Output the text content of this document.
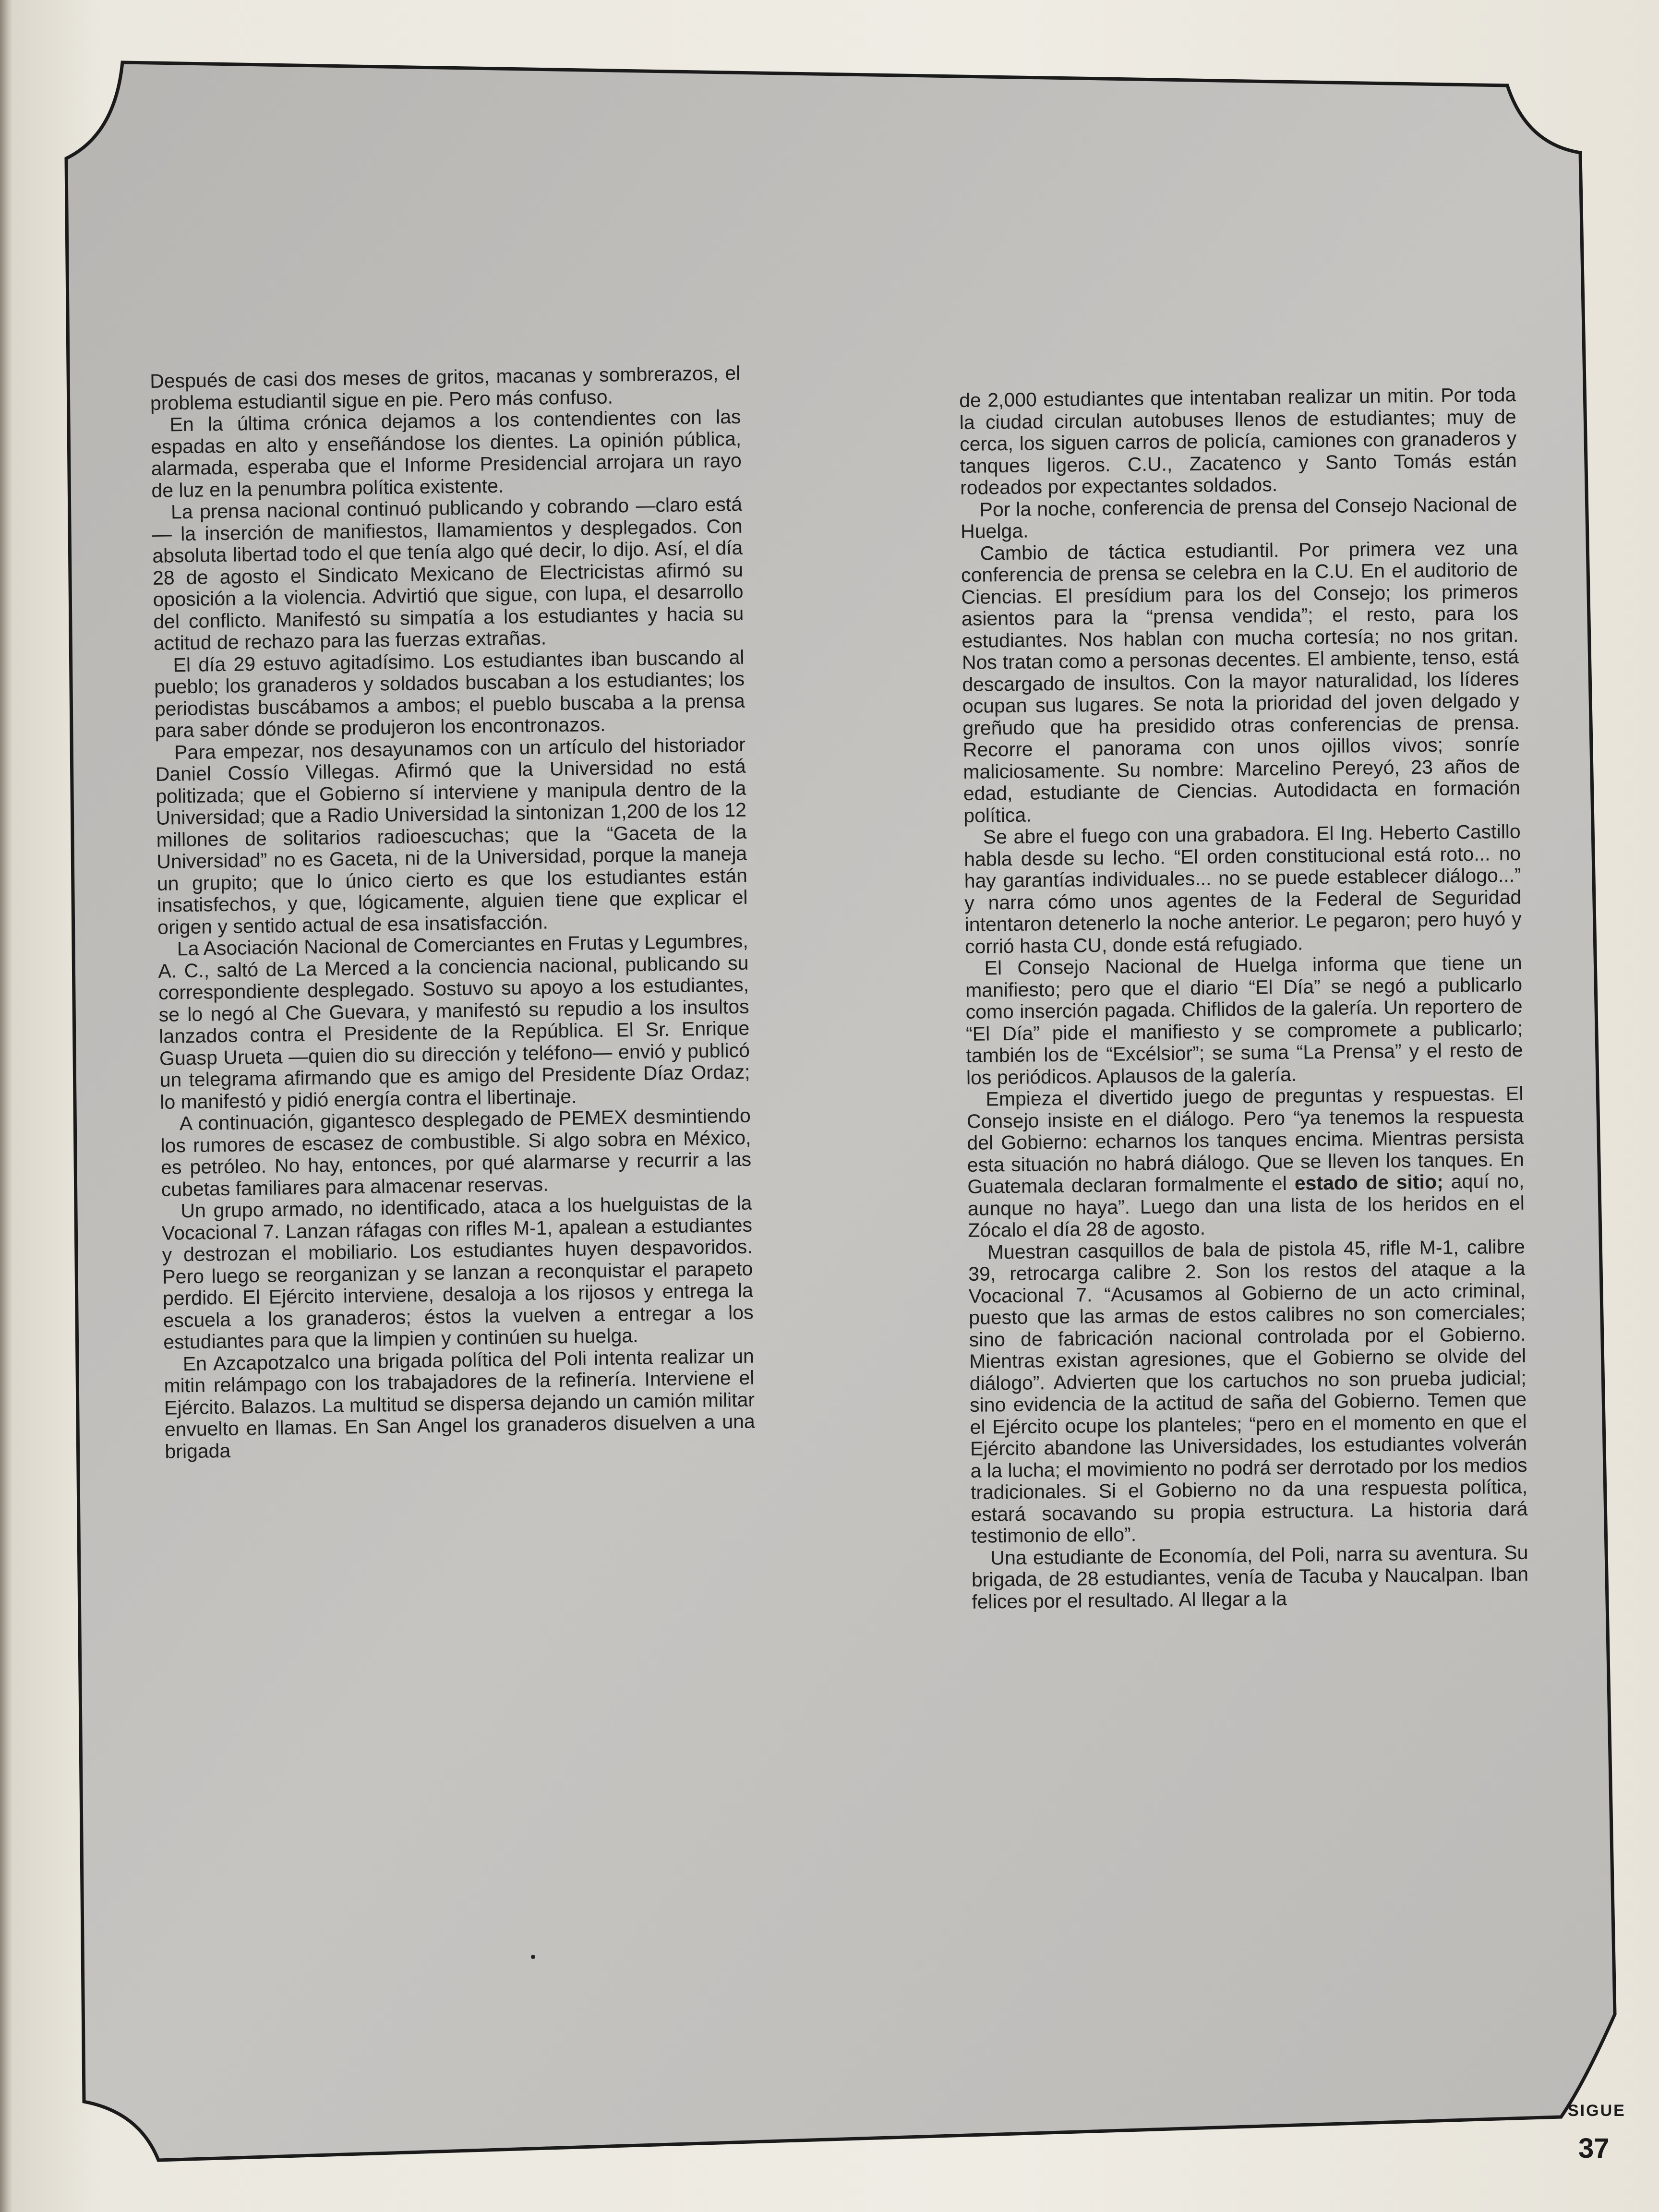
Después de casi dos meses de gritos, macanas y sombrerazos, el problema estudiantil sigue en pie. Pero más confuso.

En la última crónica dejamos a los contendientes con las espadas en alto y enseñándose los dientes. La opinión pública, alarmada, esperaba que el Informe Presidencial arrojara un rayo de luz en la penumbra política existente.

La prensa nacional continuó publicando y cobrando —claro está— la inserción de manifiestos, llamamientos y desplegados. Con absoluta libertad todo el que tenía algo qué decir, lo dijo. Así, el día 28 de agosto el Sindicato Mexicano de Electricistas afirmó su oposición a la violencia. Advirtió que sigue, con lupa, el desarrollo del conflicto. Manifestó su simpatía a los estudiantes y hacia su actitud de rechazo para las fuerzas extrañas.

El día 29 estuvo agitadísimo. Los estudiantes iban buscando al pueblo; los granaderos y soldados buscaban a los estudiantes; los periodistas buscábamos a ambos; el pueblo buscaba a la prensa para saber dónde se produjeron los encontronazos.

Para empezar, nos desayunamos con un artículo del historiador Daniel Cossío Villegas. Afirmó que la Universidad no está politizada; que el Gobierno sí interviene y manipula dentro de la Universidad; que a Radio Universidad la sintonizan 1,200 de los 12 millones de solitarios radioescuchas; que la “Gaceta de la Universidad” no es Gaceta, ni de la Universidad, porque la maneja un grupito; que lo único cierto es que los estudiantes están insatisfechos, y que, lógicamente, alguien tiene que explicar el origen y sentido actual de esa insatisfacción.

La Asociación Nacional de Comerciantes en Frutas y Legumbres, A. C., saltó de La Merced a la conciencia nacional, publicando su correspondiente desplegado. Sostuvo su apoyo a los estudiantes, se lo negó al Che Guevara, y manifestó su repudio a los insultos lanzados contra el Presidente de la República. El Sr. Enrique Guasp Urueta —quien dio su dirección y teléfono— envió y publicó un telegrama afirmando que es amigo del Presidente Díaz Ordaz; lo manifestó y pidió energía contra el libertinaje.

A continuación, gigantesco desplegado de PEMEX desmintiendo los rumores de escasez de combustible. Si algo sobra en México, es petróleo. No hay, entonces, por qué alarmarse y recurrir a las cubetas familiares para almacenar reservas.

Un grupo armado, no identificado, ataca a los huelguistas de la Vocacional 7. Lanzan ráfagas con rifles M-1, apalean a estudiantes y destrozan el mobiliario. Los estudiantes huyen despavoridos. Pero luego se reorganizan y se lanzan a reconquistar el parapeto perdido. El Ejército interviene, desaloja a los rijosos y entrega la escuela a los granaderos; éstos la vuelven a entregar a los estudiantes para que la limpien y continúen su huelga.

En Azcapotzalco una brigada política del Poli intenta realizar un mitin relámpago con los trabajadores de la refinería. Interviene el Ejército. Balazos. La multitud se dispersa dejando un camión militar envuelto en llamas. En San Angel los granaderos disuelven a una brigada

de 2,000 estudiantes que intentaban realizar un mitin. Por toda la ciudad circulan autobuses llenos de estudiantes; muy de cerca, los siguen carros de policía, camiones con granaderos y tanques ligeros. C.U., Zacatenco y Santo Tomás están rodeados por expectantes soldados.

Por la noche, conferencia de prensa del Consejo Nacional de Huelga.

Cambio de táctica estudiantil. Por primera vez una conferencia de prensa se celebra en la C.U. En el auditorio de Ciencias. El presídium para los del Consejo; los primeros asientos para la “prensa vendida”; el resto, para los estudiantes. Nos hablan con mucha cortesía; no nos gritan. Nos tratan como a personas decentes. El ambiente, tenso, está descargado de insultos. Con la mayor naturalidad, los líderes ocupan sus lugares. Se nota la prioridad del joven delgado y greñudo que ha presidido otras conferencias de prensa. Recorre el panorama con unos ojillos vivos; sonríe maliciosamente. Su nombre: Marcelino Pereyó, 23 años de edad, estudiante de Ciencias. Autodidacta en formación política.

Se abre el fuego con una grabadora. El Ing. Heberto Castillo habla desde su lecho. “El orden constitucional está roto... no hay garantías individuales... no se puede establecer diálogo...” y narra cómo unos agentes de la Federal de Seguridad intentaron detenerlo la noche anterior. Le pegaron; pero huyó y corrió hasta CU, donde está refugiado.

El Consejo Nacional de Huelga informa que tiene un manifiesto; pero que el diario “El Día” se negó a publicarlo como inserción pagada. Chiflidos de la galería. Un reportero de “El Día” pide el manifiesto y se compromete a publicarlo; también los de “Excélsior”; se suma “La Prensa” y el resto de los periódicos. Aplausos de la galería.

Empieza el divertido juego de preguntas y respuestas. El Consejo insiste en el diálogo. Pero “ya tenemos la respuesta del Gobierno: echarnos los tanques encima. Mientras persista esta situación no habrá diálogo. Que se lleven los tanques. En Guatemala declaran formalmente el estado de sitio; aquí no, aunque no haya”. Luego dan una lista de los heridos en el Zócalo el día 28 de agosto.

Muestran casquillos de bala de pistola 45, rifle M-1, calibre 39, retrocarga calibre 2. Son los restos del ataque a la Vocacional 7. “Acusamos al Gobierno de un acto criminal, puesto que las armas de estos calibres no son comerciales; sino de fabricación nacional controlada por el Gobierno. Mientras existan agresiones, que el Gobierno se olvide del diálogo”. Advierten que los cartuchos no son prueba judicial; sino evidencia de la actitud de saña del Gobierno. Temen que el Ejército ocupe los planteles; “pero en el momento en que el Ejército abandone las Universidades, los estudiantes volverán a la lucha; el movimiento no podrá ser derrotado por los medios tradicionales. Si el Gobierno no da una respuesta política, estará socavando su propia estructura. La historia dará testimonio de ello”.

Una estudiante de Economía, del Poli, narra su aventura. Su brigada, de 28 estudiantes, venía de Tacuba y Naucalpan. Iban felices por el resultado. Al llegar a la

SIGUE
37
